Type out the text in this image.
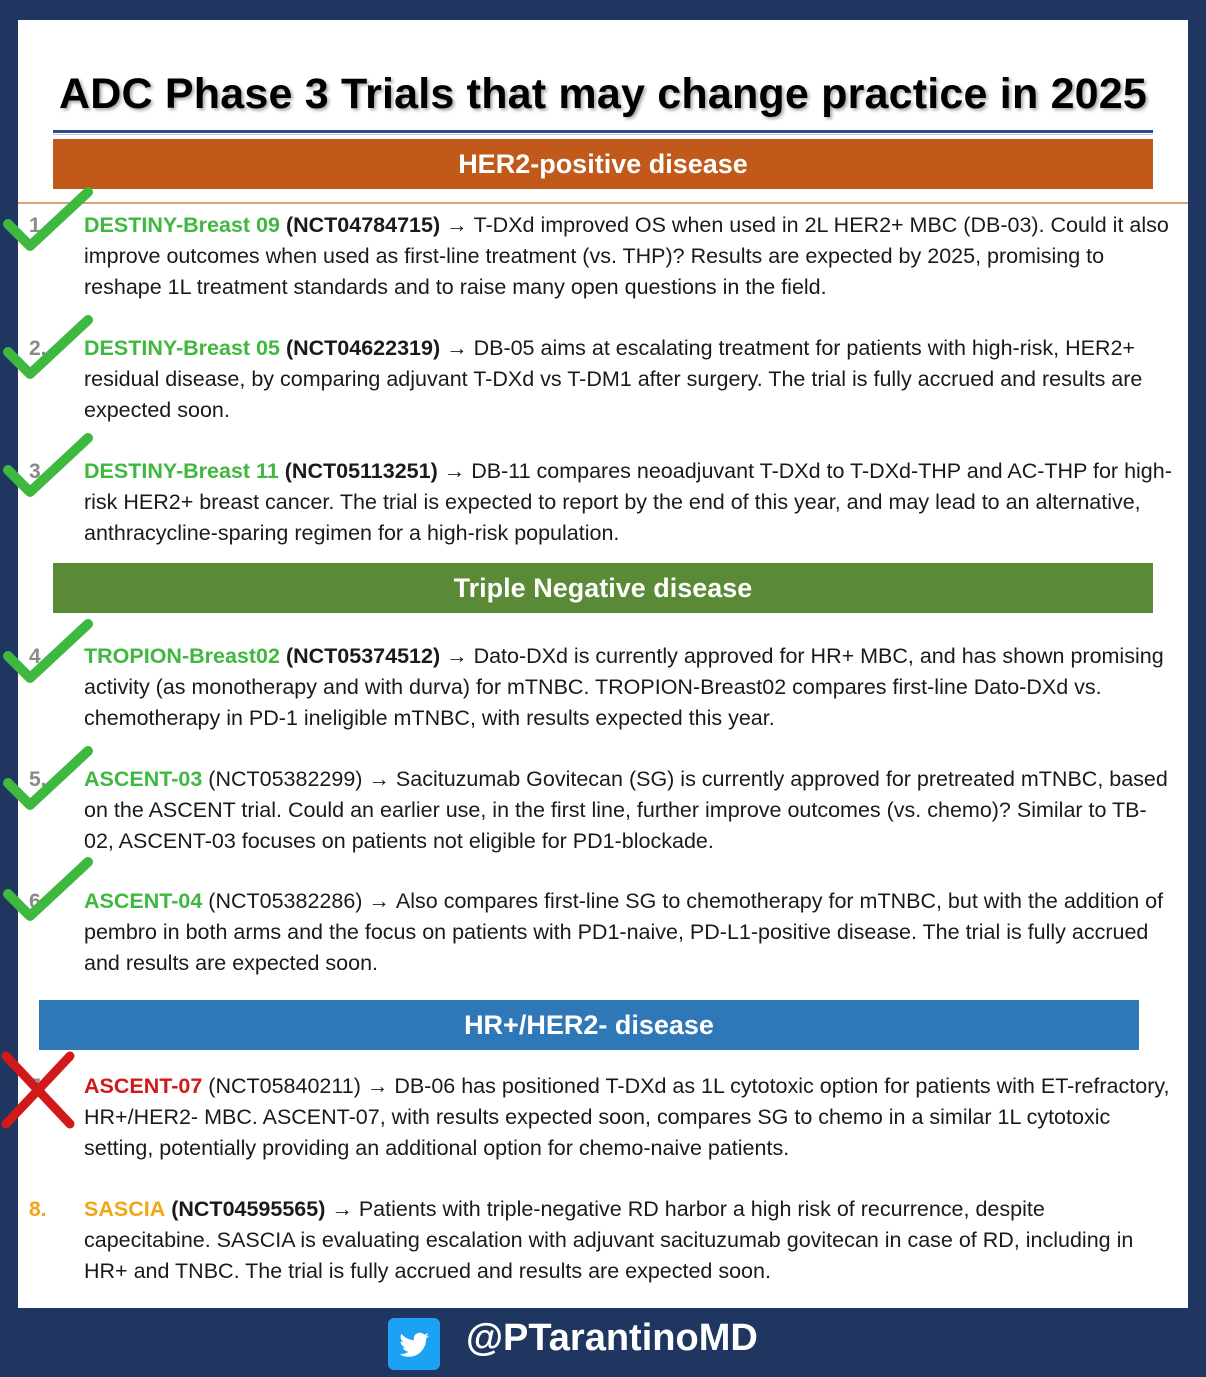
ADC Phase 3 Trials that may change practice in 2025
HER2-positive disease
1. DESTINY-Breast 09 (NCT04784715) → T-DXd improved OS when used in 2L HER2+ MBC (DB-03). Could it also improve outcomes when used as first-line treatment (vs. THP)? Results are expected by 2025, promising to reshape 1L treatment standards and to raise many open questions in the field.
2. DESTINY-Breast 05 (NCT04622319) → DB-05 aims at escalating treatment for patients with high-risk, HER2+ residual disease, by comparing adjuvant T-DXd vs T-DM1 after surgery. The trial is fully accrued and results are expected soon.
3. DESTINY-Breast 11 (NCT05113251) → DB-11 compares neoadjuvant T-DXd to T-DXd-THP and AC-THP for high-risk HER2+ breast cancer. The trial is expected to report by the end of this year, and may lead to an alternative, anthracycline-sparing regimen for a high-risk population.
Triple Negative disease
4. TROPION-Breast02 (NCT05374512) → Dato-DXd is currently approved for HR+ MBC, and has shown promising activity (as monotherapy and with durva) for mTNBC. TROPION-Breast02 compares first-line Dato-DXd vs. chemotherapy in PD-1 ineligible mTNBC, with results expected this year.
5. ASCENT-03 (NCT05382299) → Sacituzumab Govitecan (SG) is currently approved for pretreated mTNBC, based on the ASCENT trial. Could an earlier use, in the first line, further improve outcomes (vs. chemo)? Similar to TB-02, ASCENT-03 focuses on patients not eligible for PD1-blockade.
6. ASCENT-04 (NCT05382286) → Also compares first-line SG to chemotherapy for mTNBC, but with the addition of pembro in both arms and the focus on patients with PD1-naive, PD-L1-positive disease. The trial is fully accrued and results are expected soon.
HR+/HER2- disease
ASCENT-07 (NCT05840211) → DB-06 has positioned T-DXd as 1L cytotoxic option for patients with ET-refractory, HR+/HER2- MBC. ASCENT-07, with results expected soon, compares SG to chemo in a similar 1L cytotoxic setting, potentially providing an additional option for chemo-naive patients.
8. SASCIA (NCT04595565) → Patients with triple-negative RD harbor a high risk of recurrence, despite capecitabine. SASCIA is evaluating escalation with adjuvant sacituzumab govitecan in case of RD, including in HR+ and TNBC. The trial is fully accrued and results are expected soon.
@PTarantinoMD
